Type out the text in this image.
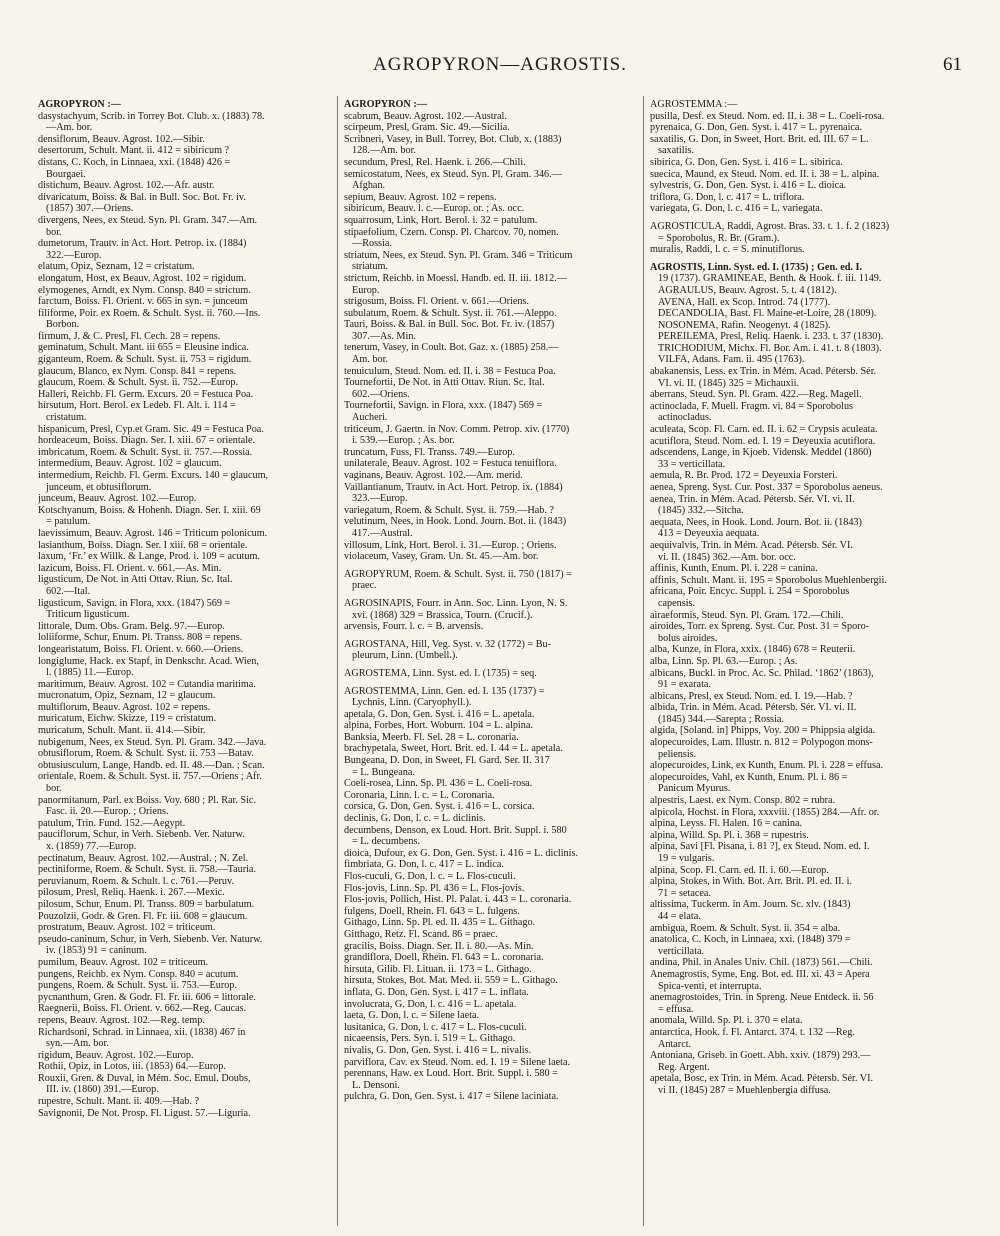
AGROPYRON—AGROSTIS.	61
AGROPYRON :—
dasystachyum, Scrib. in Torrey Bot. Club. x. (1883) 78.
—Am. bor.
densiflorum, Beauv. Agrost. 102.—Sibir.
desertorum, Schult. Mant. ii. 412 = sibiricum ?
distans, C. Koch, in Linnaea, xxi. (1848) 426 =
Bourgaei.
distichum, Beauv. Agrost. 102.—Afr. austr.
divaricatum, Boiss. & Bal. in Bull. Soc. Bot. Fr. iv.
(1857) 307.—Oriens.
divergens, Nees, ex Steud. Syn. Pl. Gram. 347.—Am.
bor.
dumetorum, Trautv. in Act. Hort. Petrop. ix. (1884)
322.—Europ.
elatum, Opiz, Seznam, 12 = cristatum.
elongatum, Host, ex Beauv. Agrost. 102 = rigidum.
elymogenes, Arndt, ex Nym. Consp. 840 = strictum.
farctum, Boiss. Fl. Orient. v. 665 in syn. = junceum
filiforme, Poir. ex Roem. & Schult. Syst. ii. 760.—Ins.
Borbon.
firmum, J. & C. Presl, Fl. Cech. 28 = repens.
geminatum, Schult. Mant. iii 655 = Eleusine indica.
giganteum, Roem. & Schult. Syst. ii. 753 = rigidum.
glaucum, Blanco, ex Nym. Consp. 841 = repens.
glaucum, Roem. & Schult. Syst. ii. 752.—Europ.
Halleri, Reichb. Fl. Germ. Excurs. 20 = Festuca Poa.
hirsutum, Hort. Berol. ex Ledeb. Fl. Alt. i. 114 =
cristatum.
hispanicum, Presl, Cyp.et Gram. Sic. 49 = Festuca Poa.
hordeaceum, Boiss. Diagn. Ser. I. xiii. 67 = orientale.
imbricatum, Roem. & Schult. Syst. ii. 757.—Rossia.
intermedium, Beauv. Agrost. 102 = glaucum.
intermedium, Reichb. Fl. Germ. Excurs. 140 = glaucum,
junceum, et obtusiflorum.
junceum, Beauv. Agrost. 102.—Europ.
Kotschyanum, Boiss. & Hohenh. Diagn. Ser. I. xiii. 69
= patulum.
laevissimum, Beauv. Agrost. 146 = Triticum polonicum.
lasianthum, Boiss. Diagn. Ser. I xiii. 68 = orientale.
laxum, ‘Fr.’ ex Willk. & Lange, Prod. i. 109 = acutum.
lazicum, Boiss. Fl. Orient. v. 661.—As. Min.
ligusticum, De Not. in Atti Ottav. Riun. Sc. Ital.
602.—Ital.
ligusticum, Savign. in Flora, xxx. (1847) 569 =
Triticum ligusticum.
littorale, Dum. Obs. Gram. Belg. 97.—Europ.
loliiforme, Schur, Enum. Pl. Transs. 808 = repens.
longearistatum, Boiss. Fl. Orient. v. 660.—Oriens.
longiglume, Hack. ex Stapf, in Denkschr. Acad. Wien,
l. (1885) 11.—Europ.
maritimum, Beauv. Agrost. 102 = Cutandia maritima.
mucronatum, Opiz, Seznam, 12 = glaucum.
multiflorum, Beauv. Agrost. 102 = repens.
muricatum, Eichw. Skizze, 119 = cristatum.
muricatum, Schult. Mant. ii. 414.—Sibir.
nubigenum, Nees, ex Steud. Syn. Pl. Gram. 342.—Java.
obtusiflorum, Roem. & Schult. Syst. ii. 753 —Batav.
obtusiusculum, Lange, Handb. ed. II. 48.—Dan. ; Scan.
orientale, Roem. & Schult. Syst. ii. 757.—Oriens ; Afr.
bor.
panormitanum, Parl. ex Boiss. Voy. 680 ; Pl. Rar. Sic.
Fasc. ii. 20.—Europ. ; Oriens.
patulum, Trin. Fund. 152.—Aegypt.
pauciflorum, Schur, in Verh. Siebenb. Ver. Naturw.
x. (1859) 77.—Europ.
pectinatum, Beauv. Agrost. 102.—Austral. ; N. Zel.
pectiniforme, Roem. & Schult. Syst. ii. 758.—Tauria.
peruvianum, Roem. & Schult. l. c. 761.—Peruv.
pilosum, Presl, Reliq. Haenk. i. 267.—Mexic.
pilosum, Schur, Enum. Pl. Transs. 809 = barbulatum.
Pouzolzii, Godr. & Gren. Fl. Fr. iii. 608 = glaucum.
prostratum, Beauv. Agrost. 102 = triticeum.
pseudo-caninum, Schur, in Verh. Siebenb. Ver. Naturw.
iv. (1853) 91 = caninum.
pumilum, Beauv. Agrost. 102 = triticeum.
pungens, Reichb. ex Nym. Consp. 840 = acutum.
pungens, Roem. & Schult. Syst. ii. 753.—Europ.
pycnanthum, Gren. & Godr. Fl. Fr. iii. 606 = littorale.
Raegnerii, Boiss. Fl. Orient. v. 662.—Reg. Caucas.
repens, Beauv. Agrost. 102.—Reg. temp.
Richardsoni, Schrad. in Linnaea, xii. (1838) 467 in
syn.—Am. bor.
rigidum, Beauv. Agrost. 102.—Europ.
Rothii, Opiz, in Lotos, iii. (1853) 64.—Europ.
Rouxii, Gren. & Duval, in Mém. Soc. Emul. Doubs,
III. iv. (1860) 391.—Europ.
rupestre, Schult. Mant. ii. 409.—Hab. ?
Savignonii, De Not. Prosp. Fl. Ligust. 57.—Liguria.
AGROPYRON :—
scabrum, Beauv. Agrost. 102.—Austral.
scirpeum, Presl, Gram. Sic. 49.—Sicilia.
Scribneri, Vasey, in Bull. Torrey, Bot. Club, x. (1883)
128.—Am. bor.
secundum, Presl, Rel. Haenk. i. 266.—Chili.
semicostatum, Nees, ex Steud. Syn. Pl. Gram. 346.—
Afghan.
sepium, Beauv. Agrost. 102 = repens.
sibiricum, Beauv. l. c.—Europ. or. ; As. occ.
squarrosum, Link, Hort. Berol. i. 32 = patulum.
stipaefolium, Czern. Consp. Pl. Charcov. 70, nomen.
—Rossia.
striatum, Nees, ex Steud. Syn. Pl. Gram. 346 = Triticum
striatum.
strictum, Reichb. in Moessl. Handb. ed. II. iii. 1812.—
Europ.
strigosum, Boiss. Fl. Orient. v. 661.—Oriens.
subulatum, Roem. & Schult. Syst. ii. 761.—Aleppo.
Tauri, Boiss. & Bal. in Bull. Soc. Bot. Fr. iv. (1857)
307.—As. Min.
tenerum, Vasey, in Coult. Bot. Gaz. x. (1885) 258.—
Am. bor.
tenuiculum, Steud. Nom. ed. II. i. 38 = Festuca Poa.
Tournefortii, De Not. in Atti Ottav. Riun. Sc. Ital.
602.—Oriens.
Tournefortii, Savign. in Flora, xxx. (1847) 569 =
Aucheri.
triticeum, J. Gaertn. in Nov. Comm. Petrop. xiv. (1770)
i. 539.—Europ. ; As. bor.
truncatum, Fuss, Fl. Transs. 749.—Europ.
unilaterale, Beauv. Agrost. 102 = Festuca tenuiflora.
vaginans, Beauv. Agrost. 102.—Am. merid.
Vaillantianum, Trautv. in Act. Hort. Petrop. ix. (1884)
323.—Europ.
variegatum, Roem. & Schult. Syst. ii. 759.—Hab. ?
velutinum, Nees, in Hook. Lond. Journ. Bot. ii. (1843)
417.—Austral.
villosum, Link, Hort. Berol. i. 31.—Europ. ; Oriens.
violaceum, Vasey, Gram. Un. St. 45.—Am. bor.
AGROPYRUM, Roem. & Schult. Syst. ii. 750 (1817) =
praec.
AGROSINAPIS, Fourr. in Ann. Soc. Linn. Lyon, N. S.
xvi. (1868) 329 = Brassica, Tourn. (Crucif.).
arvensis, Fourr. l. c. = B. arvensis.
AGROSTANA, Hill, Veg. Syst. v. 32 (1772) = Bu-
pleurum, Linn. (Umbell.).
AGROSTEMA, Linn. Syst. ed. I. (1735) = seq.
AGROSTEMMA, Linn. Gen. ed. I. 135 (1737) =
Lychnis, Linn. (Caryophyll.).
apetala, G. Don, Gen. Syst. i. 416 = L. apetala.
alpina, Forbes, Hort. Woburn. 104 = L. alpina.
Banksia, Meerb. Fl. Sel. 28 = L. coronaria.
brachypetala, Sweet, Hort. Brit. ed. I. 44 = L. apetala.
Bungeana, D. Don, in Sweet, Fl. Gard. Ser. II. 317
= L. Bungeana.
Coeli-rosea, Linn. Sp. Pl. 436 = L. Coeli-rosa.
Coronaria, Linn. l. c. = L. Coronaria.
corsica, G. Don, Gen. Syst. i. 416 = L. corsica.
declinis, G. Don, l. c. = L. diclinis.
decumbens, Denson, ex Loud. Hort. Brit. Suppl. i. 580
= L. decumbens.
dioica, Dufour, ex G. Don, Gen. Syst. i. 416 = L. diclinis.
fimbriata, G. Don, l. c. 417 = L. indica.
Flos-cuculi, G. Don, l. c. = L. Flos-cuculi.
Flos-jovis, Linn. Sp. Pl. 436 = L. Flos-jovis.
Flos-jovis, Pollich, Hist. Pl. Palat. i. 443 = L. coronaria.
fulgens, Doell, Rhein. Fl. 643 = L. fulgens.
Githago, Linn. Sp. Pl. ed. II. 435 = L. Githago.
Gitthago, Retz. Fl. Scand. 86 = praec.
gracilis, Boiss. Diagn. Ser. II. i. 80.—As. Min.
grandiflora, Doell, Rhein. Fl. 643 = L. coronaria.
hirsuta, Gilib. Fl. Lituan. ii. 173 = L. Githago.
hirsuta, Stokes, Bot. Mat. Med. ii. 559 = L. Githago.
inflata, G. Don, Gen. Syst. i. 417 = L. inflata.
involucrata, G. Don, l. c. 416 = L. apetala.
laeta, G. Don, l. c. = Silene laeta.
lusitanica, G. Don, l. c. 417 = L. Flos-cuculi.
nicaeensis, Pers. Syn. i. 519 = L. Githago.
nivalis, G. Don, Gen. Syst. i. 416 = L. nivalis.
parviflora, Cav. ex Steud. Nom. ed. I. 19 = Silene laeta.
perennans, Haw. ex Loud. Hort. Brit. Suppl. i. 580 =
L. Densoni.
pulchra, G. Don, Gen. Syst. i. 417 = Silene laciniata.
AGROSTEMMA :—
pusilla, Desf. ex Steud. Nom. ed. II. i. 38 = L. Coeli-rosa.
pyrenaica, G. Don, Gen. Syst. i. 417 = L. pyrenaica.
saxatilis, G. Don, in Sweet, Hort. Brit. ed. III. 67 = L.
saxatilis.
sibirica, G. Don, Gen. Syst. i. 416 = L. sibirica.
suecica, Maund, ex Steud. Nom. ed. II. i. 38 = L. alpina.
sylvestris, G. Don, Gen. Syst. i. 416 = L. dioica.
triflora, G. Don, l. c. 417 = L. triflora.
variegata, G. Don, l. c. 416 = L. variegata.
AGROSTICULA, Raddi, Agrost. Bras. 33. t. 1. f. 2 (1823)
= Sporobolus, R. Br. (Gram.).
muralis, Raddi, l. c. = S. minutiflorus.
AGROSTIS, Linn. Syst. ed. I. (1735) ; Gen. ed. I.
19 (1737). GRAMINEAE, Benth. & Hook. f. iii. 1149.
AGRAULUS, Beauv. Agrost. 5. t. 4 (1812).
AVENA, Hall. ex Scop. Introd. 74 (1777).
DECANDOLIA, Bast. Fl. Maine-et-Loire, 28 (1809).
NOSONEMA, Rafin. Neogenyt. 4 (1825).
PEREILEMA, Presl, Reliq. Haenk. i. 233. t. 37 (1830).
TRICHODIUM, Michx. Fl. Bor. Am. i. 41. t. 8 (1803).
VILFA, Adans. Fam. ii. 495 (1763).
abakanensis, Less. ex Trin. in Mém. Acad. Pétersb. Sér.
VI. vi. II. (1845) 325 = Michauxii.
aberrans, Steud. Syn. Pl. Gram. 422.—Reg. Magell.
actinoclada, F. Muell. Fragm. vi. 84 = Sporobolus
actinocladus.
aculeata, Scop. Fl. Carn. ed. II. i. 62 = Crypsis aculeata.
acutiflora, Steud. Nom. ed. I. 19 = Deyeuxia acutiflora.
adscendens, Lange, in Kjoeb. Vidensk. Meddel (1860)
33 = verticillata.
aemula, R. Br. Prod. 172 = Deyeuxia Forsteri.
aenea, Spreng. Syst. Cur. Post. 337 = Sporobolus aeneus.
aenea, Trin. in Mém. Acad. Pétersb. Sér. VI. vi. II.
(1845) 332.—Sitcha.
aequata, Nees, in Hook. Lond. Journ. Bot. ii. (1843)
413 = Deyeuxia aequata.
aequivalvis, Trin. in Mém. Acad. Pétersb. Sér. VI.
vi. II. (1845) 362.—Am. bor. occ.
affinis, Kunth, Enum. Pl. i. 228 = canina.
affinis, Schult. Mant. ii. 195 = Sporobolus Muehlenbergii.
africana, Poir. Encyc. Suppl. i. 254 = Sporobolus
capensis.
airaeformis, Steud. Syn. Pl. Gram. 172.—Chili.
airoides, Torr. ex Spreng. Syst. Cur. Post. 31 = Sporo-
bolus airoides.
alba, Kunze, in Flora, xxix. (1846) 678 = Reuterii.
alba, Linn. Sp. Pl. 63.—Europ. ; As.
albicans, Buckl. in Proc. Ac. Sc. Philad. ‘1862’ (1863),
91 = exarata.
albicans, Presl, ex Steud. Nom. ed. I. 19.—Hab. ?
albida, Trin. in Mém. Acad. Pétersb. Sér. VI. vi. II.
(1845) 344.—Sarepta ; Rossia.
algida, [Soland. in] Phipps, Voy. 200 = Phippsia algida.
alopecuroides, Lam. Illustr. n. 812 = Polypogon mons-
peliensis.
alopecuroides, Link, ex Kunth, Enum. Pl. i. 228 = effusa.
alopecuroides, Vahl, ex Kunth, Enum. Pl. i. 86 =
Panicum Myurus.
alpestris, Laest. ex Nym. Consp. 802 = rubra.
alpicola, Hochst. in Flora, xxxviii. (1855) 284.—Afr. or.
alpina, Leyss. Fl. Halen. 16 = canina.
alpina, Willd. Sp. Pl. i. 368 = rupestris.
alpina, Savi [Fl. Pisana, i. 81 ?], ex Steud. Nom. ed. I.
19 = vulgaris.
alpina, Scop. Fl. Carn. ed. II. i. 60.—Europ.
alpina, Stokes, in With. Bot. Arr. Brit. Pl. ed. II. i.
71 = setacea.
altissima, Tuckerm. in Am. Journ. Sc. xlv. (1843)
44 = elata.
ambigua, Roem. & Schult. Syst. ii. 354 = alba.
anatolica, C. Koch, in Linnaea, xxi. (1848) 379 =
verticillata.
andina, Phil. in Anales Univ. Chil. (1873) 561.—Chili.
Anemagrostis, Syme, Eng. Bot. ed. III. xi. 43 = Apera
Spica-venti, et interrupta.
anemagrostoides, Trin. in Spreng. Neue Entdeck. ii. 56
= effusa.
anomala, Willd. Sp. Pl. i. 370 = elata.
antarctica, Hook. f. Fl. Antarct. 374. t. 132 —Reg.
Antarct.
Antoniana, Griseb. in Goett. Abh. xxiv. (1879) 293.—
Reg. Argent.
apetala, Bosc, ex Trin. in Mém. Acad. Pétersb. Sér. VI.
vi II. (1845) 287 = Muehlenbergia diffusa.
